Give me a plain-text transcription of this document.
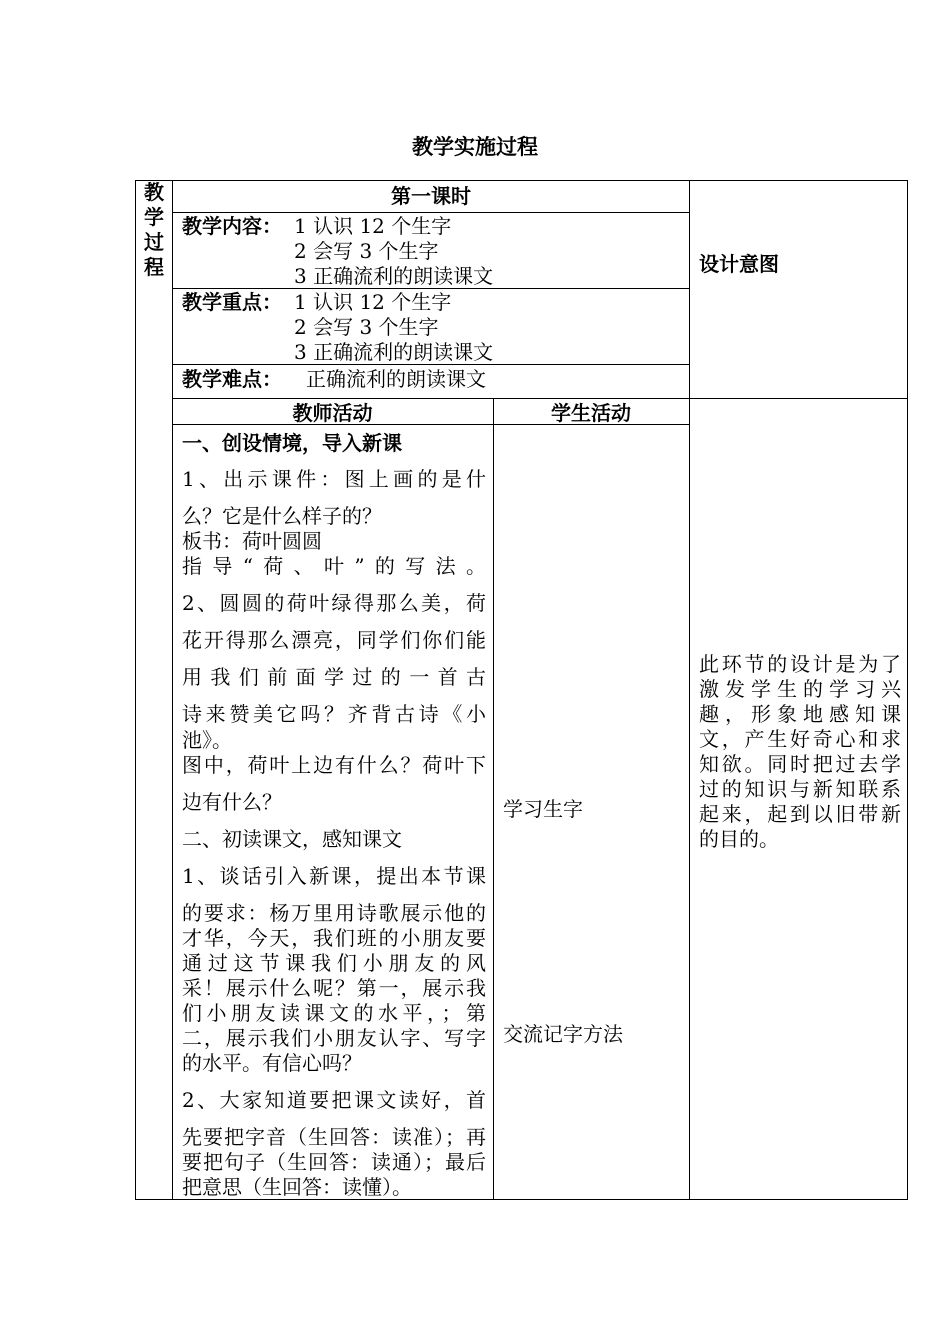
教学实施过程
教
学
过
程
第一课时
设计意图
教学内容： 1 认识 12 个生字
2 会写 3 个生字
3 正确流利的朗读课文
教学重点： 1 认识 12 个生字
2 会写 3 个生字
3 正确流利的朗读课文
教学难点： 正确流利的朗读课文
教师活动	学生活动
一、创设情境，导入新课
1、出示课件：图上画的是什
么？它是什么样子的？
板书：荷叶圆圆
指导“荷、叶”的写法。
2、圆圆的荷叶绿得那么美，荷
花开得那么漂亮，同学们你们能
用我们前面学过的一首古
诗来赞美它吗？齐背古诗《小
池》。
图中，荷叶上边有什么？荷叶下
边有什么？
二、初读课文，感知课文
1、谈话引入新课，提出本节课
的要求：杨万里用诗歌展示他的
才华，今天，我们班的小朋友要
通过这节课我们小朋友的风
采！展示什么呢？第一，展示我
们小朋友读课文的水平，；第
二，展示我们小朋友认字、写字
的水平。有信心吗？
2、大家知道要把课文读好，首
先要把字音（生回答：读准）；再
要把句子（生回答：读通）；最后
把意思（生回答：读懂）。
学习生字
交流记字方法
此环节的设计是为了
激发学生的学习兴
趣，形象地感知课
文，产生好奇心和求
知欲。同时把过去学
过的知识与新知联系
起来，起到以旧带新
的目的。
